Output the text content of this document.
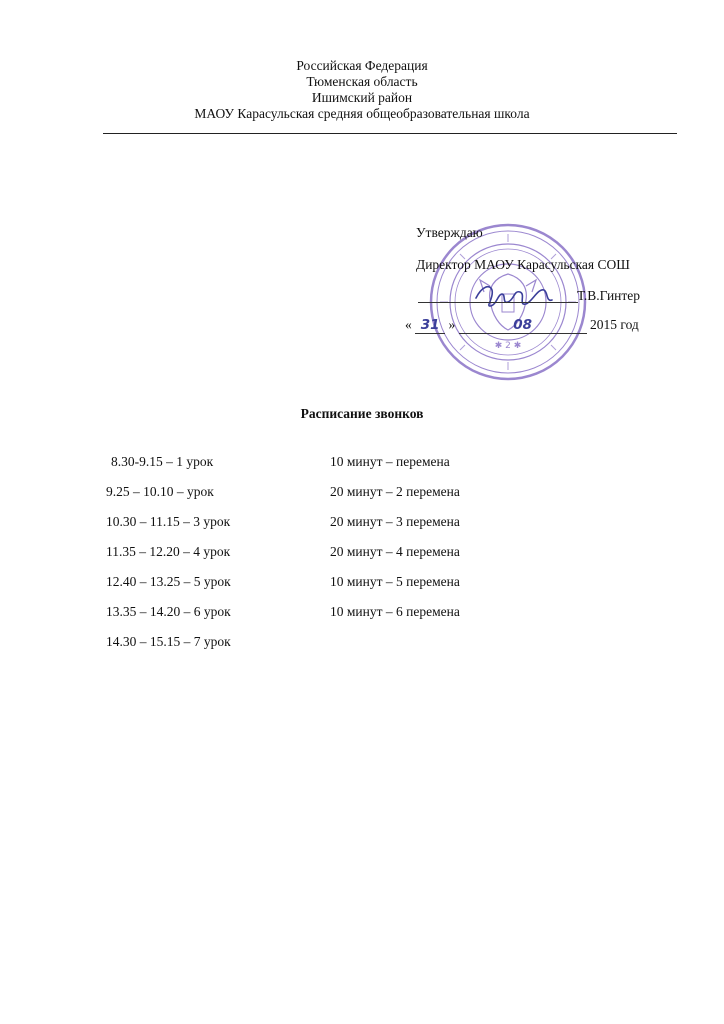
Российская Федерация
Тюменская область
Ишимский район
МАОУ Карасульская средняя общеобразовательная школа
✱ 2 ✱
Утверждаю
Директор МАОУ Карасульская СОШ
Т.В.Гинтер
« 31 »	08	2015 год
Расписание звонков
8.30-9.15 – 1 урок
9.25 – 10.10 – урок
10.30 – 11.15 – 3 урок
11.35 – 12.20 – 4 урок
12.40 – 13.25 – 5 урок
13.35 – 14.20 – 6 урок
14.30 – 15.15 – 7 урок
10 минут – перемена
20 минут – 2 перемена
20 минут – 3 перемена
20 минут – 4 перемена
10 минут – 5 перемена
10 минут – 6 перемена
